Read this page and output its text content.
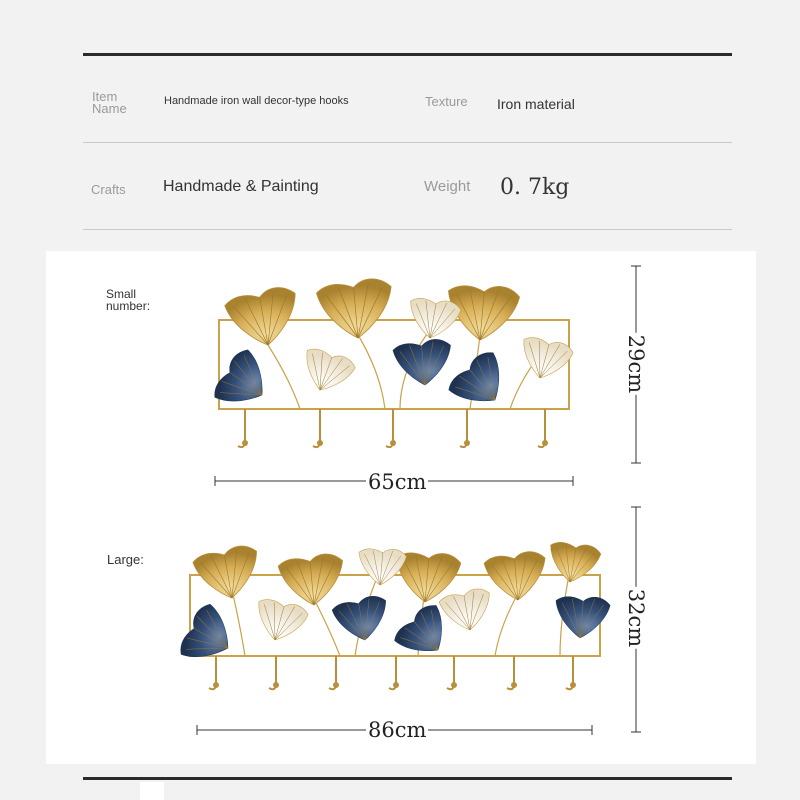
Item
Name	Handmade iron wall decor-type hooks	Texture Iron material
Crafts Handmade & Painting	Weight 0. 7kg
Small
number:
Large:
65cm
29cm
86cm
32cm
